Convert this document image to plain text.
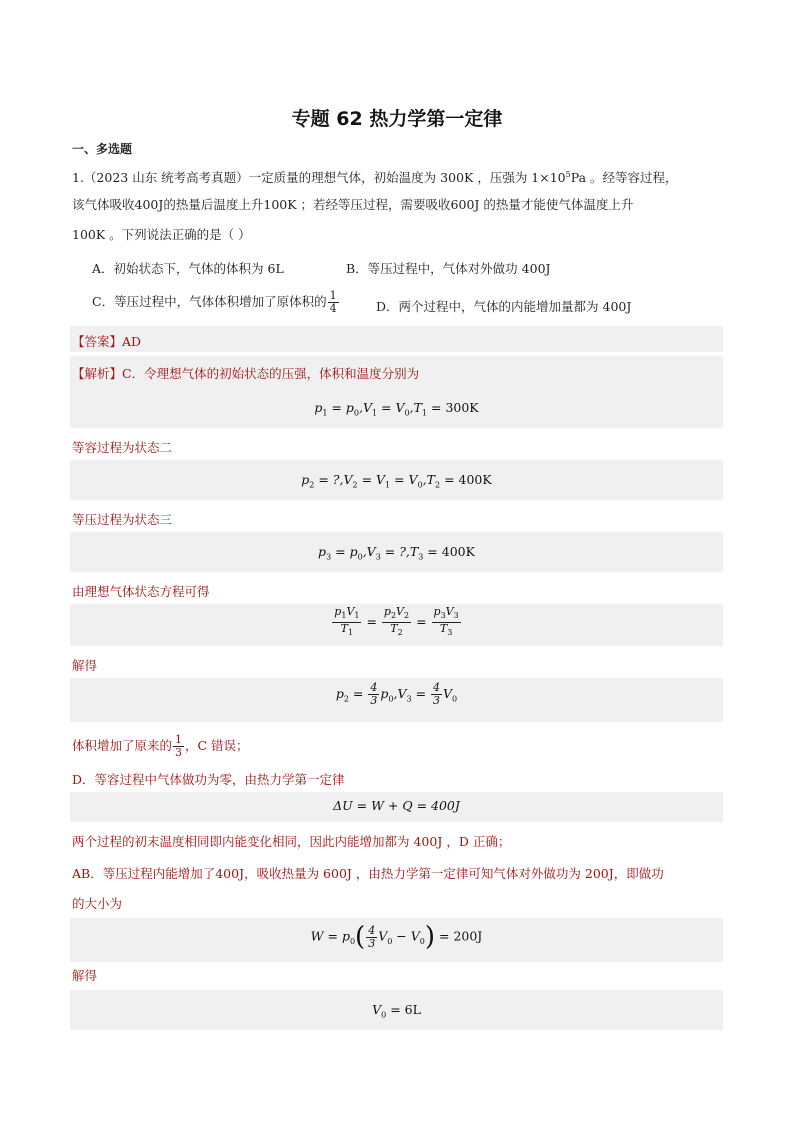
专题 62 热力学第一定律
一、多选题
1.（2023 山东 统考高考真题）一定质量的理想气体，初始温度为 300K ，压强为 $1\times 10^5Pa$ 。经等容过程，
该气体吸收400J的热量后温度上升100K ；若经等压过程，需要吸收600J 的热量才能使气体温度上升
100K 。下列说法正确的是（ ）
A．初始状态下，气体的体积为 6L	B．等压过程中，气体对外做功 400J
C．等压过程中，气体体积增加了原体积的 $\frac{1}{4}$	D．两个过程中，气体的内能增加量都为 400J
【答案】AD
【解析】C．令理想气体的初始状态的压强，体积和温度分别为
$p_1 = p_0,V_1 = V_0,T_1 = 300K$
等容过程为状态二
$p_2$ = $?,V_2 = V_1 = V_0,T_2 = 400K$
等压过程为状态三
$p_3 = p_0,V_3$ = $?,T_3 = 400K$
由理想气体状态方程可得
$\frac{p_1V_1}{T_1} = \frac{p_2V_2}{T_2} = \frac{p_3V_3}{T_3}$
解得
$p_2 = \frac{4}{3} p_0,V_3 = \frac{4}{3} V_0$
体积增加了原来的 $\frac{1}{3}$ ，C 错误；
D．等容过程中气体做功为零，由热力学第一定律
ΔU = W + Q = 400J
两个过程的初末温度相同即内能变化相同，因此内能增加都为 400J ，D 正确；
AB．等压过程内能增加了400J，吸收热量为 600J ，由热力学第一定律可知气体对外做功为 200J，即做功
的大小为
$W = p_0( \frac{4}{3} V_0 - V_0) = 200J$
解得
$V_0 = 6L$
